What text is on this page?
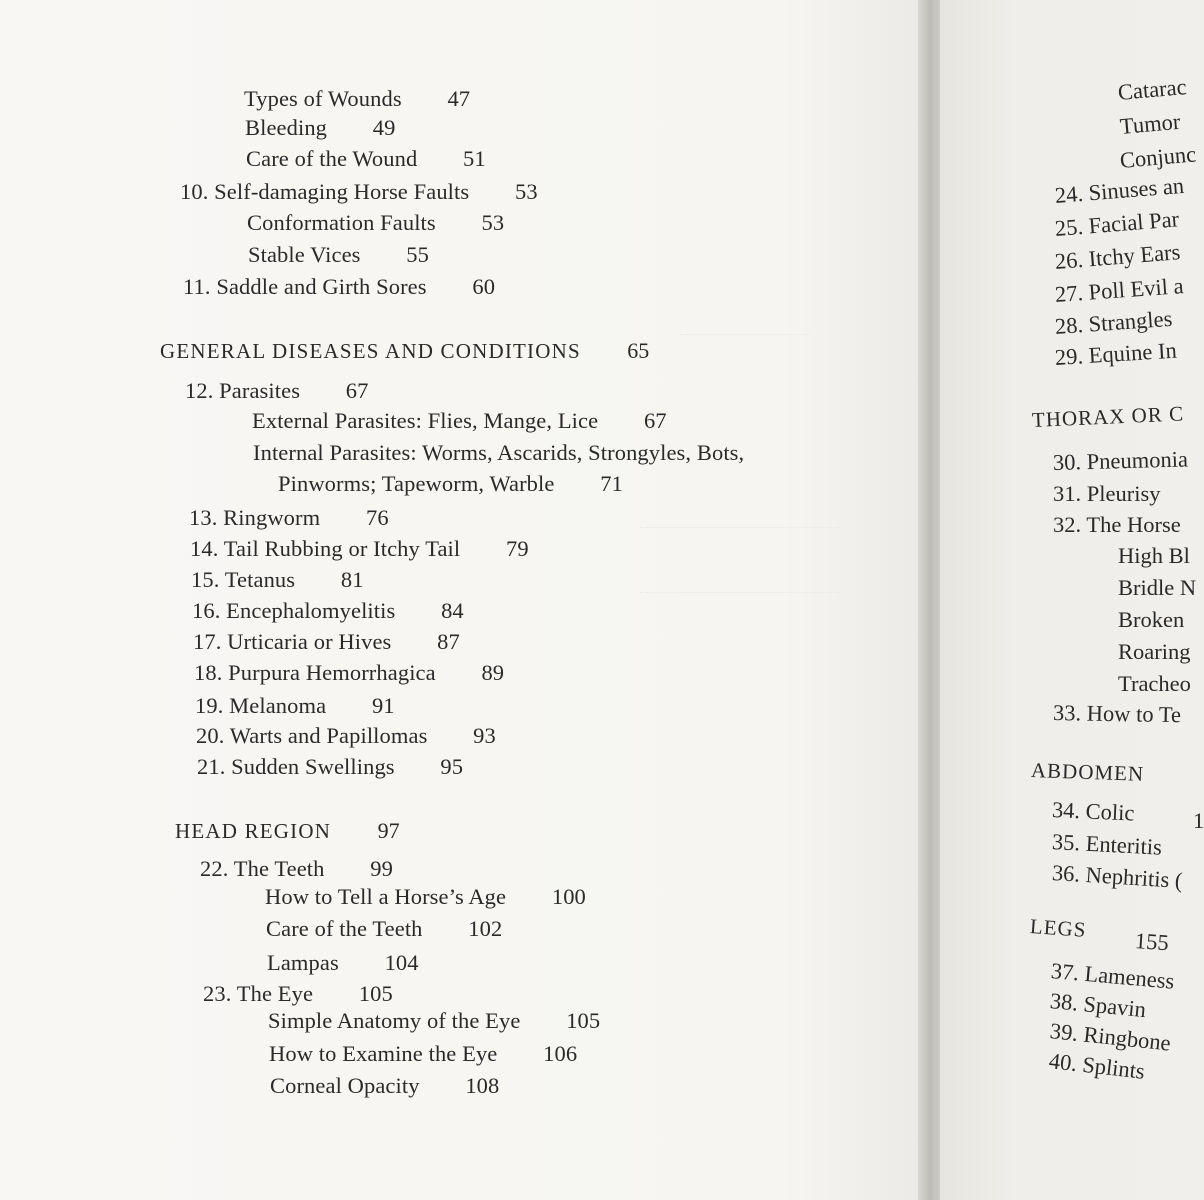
Types of Wounds 47
Bleeding 49
Care of the Wound 51
10. Self-damaging Horse Faults 53
Conformation Faults 53
Stable Vices 55
11. Saddle and Girth Sores 60
GENERAL DISEASES AND CONDITIONS 65
12. Parasites 67
External Parasites: Flies, Mange, Lice 67
Internal Parasites: Worms, Ascarids, Strongyles, Bots,
Pinworms; Tapeworm, Warble 71
13. Ringworm 76
14. Tail Rubbing or Itchy Tail 79
15. Tetanus 81
16. Encephalomyelitis 84
17. Urticaria or Hives 87
18. Purpura Hemorrhagica 89
19. Melanoma 91
20. Warts and Papillomas 93
21. Sudden Swellings 95
HEAD REGION 97
22. The Teeth 99
How to Tell a Horse’s Age 100
Care of the Teeth 102
Lampas 104
23. The Eye 105
Simple Anatomy of the Eye 105
How to Examine the Eye 106
Corneal Opacity 108
Catarac
Tumor
Conjunc
24. Sinuses an
25. Facial Par
26. Itchy Ears
27. Poll Evil a
28. Strangles
29. Equine In
THORAX OR C
30. Pneumonia
31. Pleurisy
32. The Horse
High Bl
Bridle N
Broken
Roaring
Tracheo
33. How to Te
ABDOMEN
34. Colic	1
35. Enteritis
36. Nephritis (
LEGS 155
37. Lameness
38. Spavin
39. Ringbone
40. Splints
